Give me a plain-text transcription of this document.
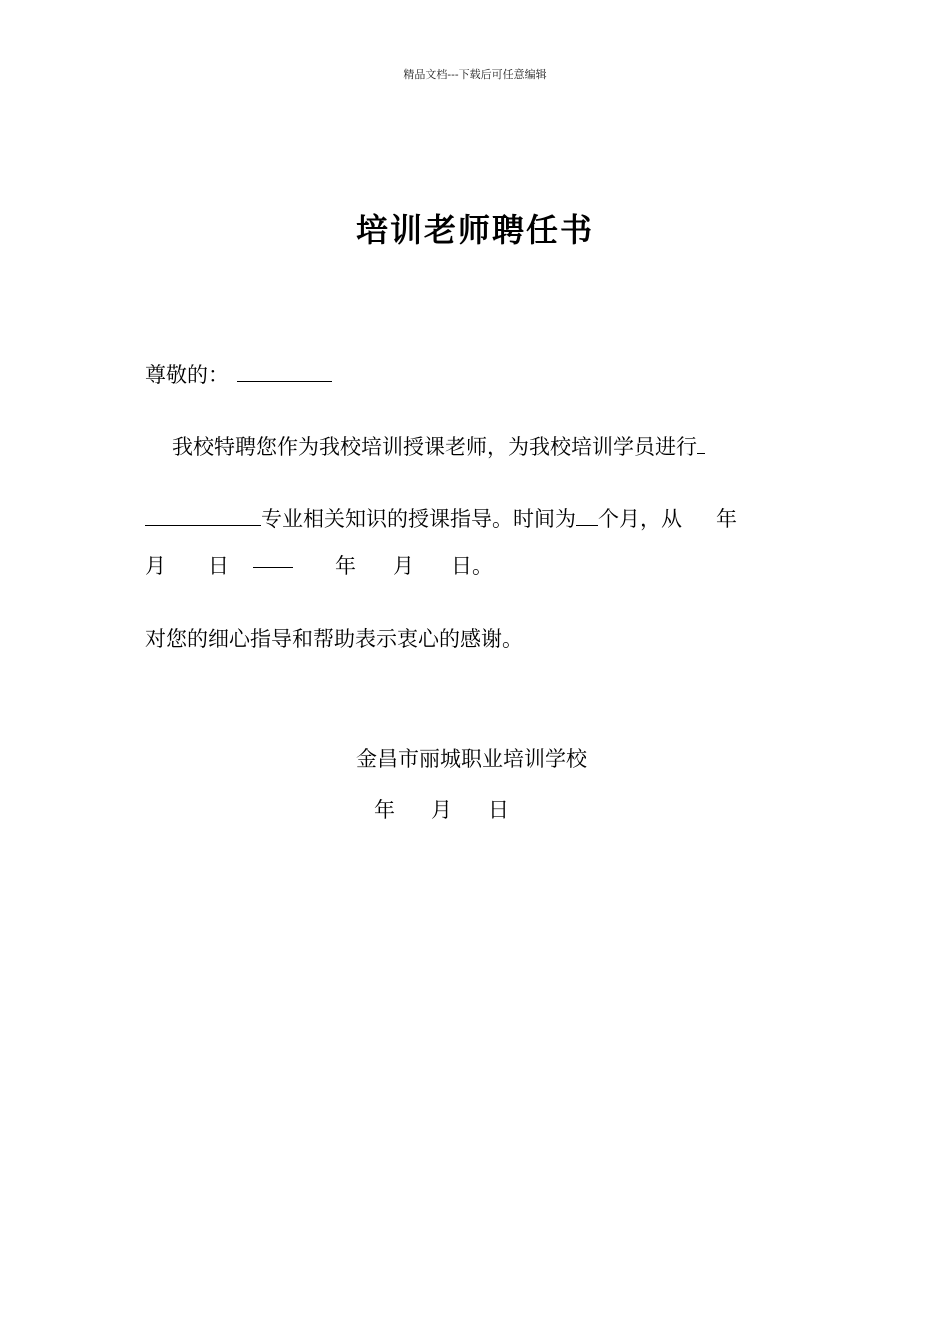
精品文档---下载后可任意编辑
培训老师聘任书
尊敬的：
我校特聘您作为我校培训授课老师，为我校培训学员进行
专业相关知识的授课指导。时间为 个月，从 年
月 日	年 月 日。
对您的细心指导和帮助表示衷心的感谢。
金昌市丽城职业培训学校
年 月 日
